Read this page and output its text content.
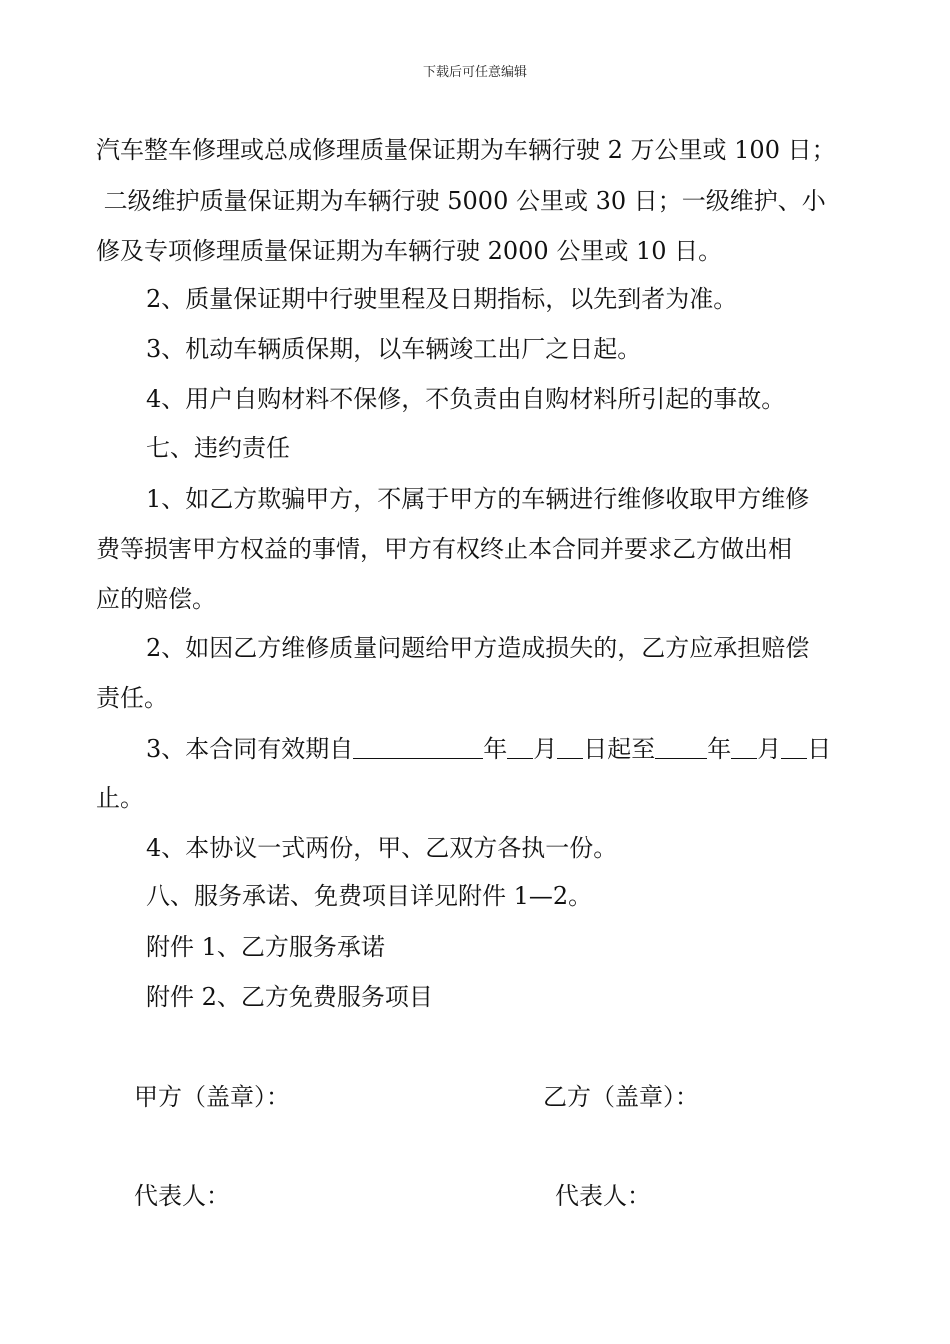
下载后可任意编辑
汽车整车修理或总成修理质量保证期为车辆行驶 2 万公里或 100 日；
二级维护质量保证期为车辆行驶 5000 公里或 30 日；一级维护、小
修及专项修理质量保证期为车辆行驶 2000 公里或 10 日。
2、质量保证期中行驶里程及日期指标，以先到者为准。
3、机动车辆质保期，以车辆竣工出厂之日起。
4、用户自购材料不保修，不负责由自购材料所引起的事故。
七、违约责任
1、如乙方欺骗甲方，不属于甲方的车辆进行维修收取甲方维修
费等损害甲方权益的事情，甲方有权终止本合同并要求乙方做出相
应的赔偿。
2、如因乙方维修质量问题给甲方造成损失的，乙方应承担赔偿
责任。
3、本合同有效期自	年 月 日起至 年 月 日
止。
4、本协议一式两份，甲、乙双方各执一份。
八、服务承诺、免费项目详见附件 1—2。
附件 1、乙方服务承诺
附件 2、乙方免费服务项目
甲方（盖章）：	乙方（盖章）：
代表人：	代表人：
